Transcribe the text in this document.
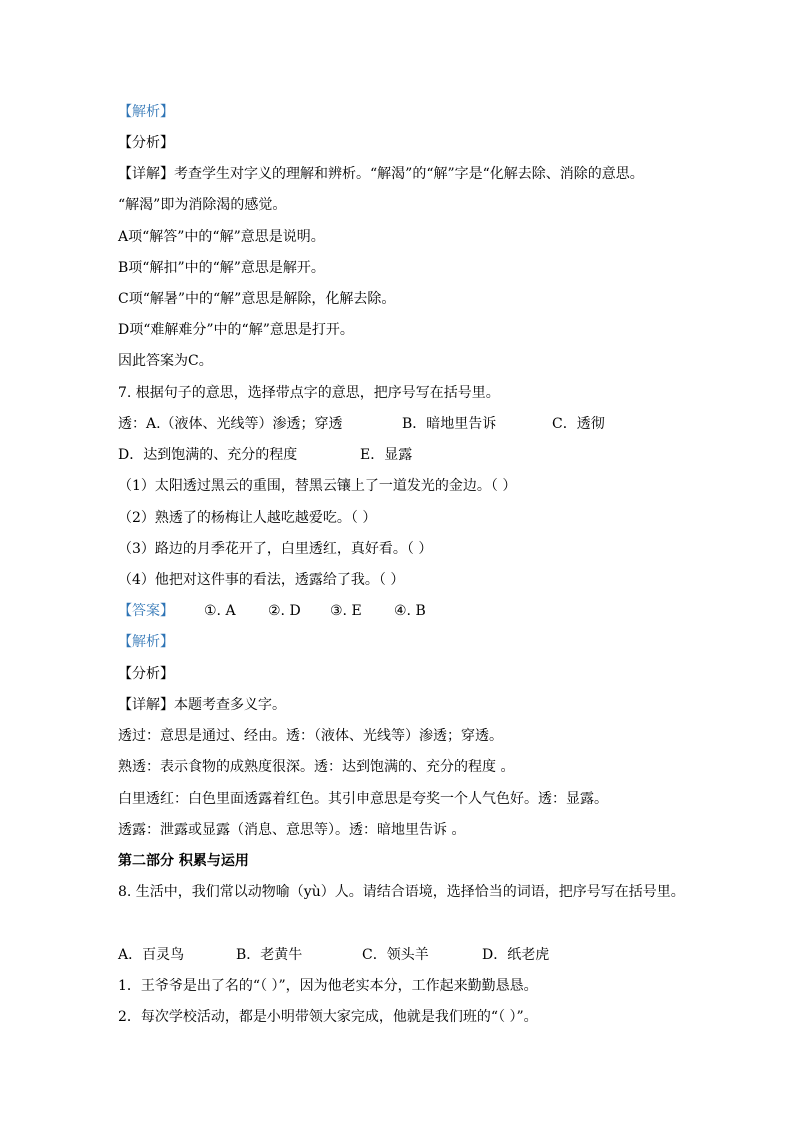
【解析】
【分析】
【详解】考查学生对字义的理解和辨析。“解渴”的“解”字是“化解去除、消除的意思。
“解渴”即为消除渴的感觉。
A项“解答”中的“解”意思是说明。
B项“解扣”中的“解”意思是解开。
C项“解暑”中的“解”意思是解除，化解去除。
D项“难解难分”中的“解”意思是打开。
因此答案为C。
7. 根据句子的意思，选择带点字的意思，把序号写在括号里。
透：A.（液体、光线等）渗透；穿透	B．暗地里告诉	C．透彻
D．达到饱满的、充分的程度	E．显露
（1）太阳透过黑云的重围，替黑云镶上了一道发光的金边。（ ）
（2）熟透了的杨梅让人越吃越爱吃。（ ）
（3）路边的月季花开了，白里透红，真好看。（ ）
（4）他把对这件事的看法，透露给了我。（ ）
【答案】 ①. A ②. D ③. E ④. B
【解析】
【分析】
【详解】本题考查多义字。
透过：意思是通过、经由。透：（液体、光线等）渗透；穿透。
熟透：表示食物的成熟度很深。透：达到饱满的、充分的程度 。
白里透红：白色里面透露着红色。其引申意思是夸奖一个人气色好。透：显露。
透露：泄露或显露（消息、意思等）。透：暗地里告诉 。
第二部分 积累与运用
8. 生活中，我们常以动物喻（yù）人。请结合语境，选择恰当的词语，把序号写在括号里。
A．百灵鸟	B．老黄牛	C．领头羊	D．纸老虎
1．王爷爷是出了名的“（ ）”，因为他老实本分，工作起来勤勤恳恳。
2．每次学校活动，都是小明带领大家完成，他就是我们班的“（ ）”。
